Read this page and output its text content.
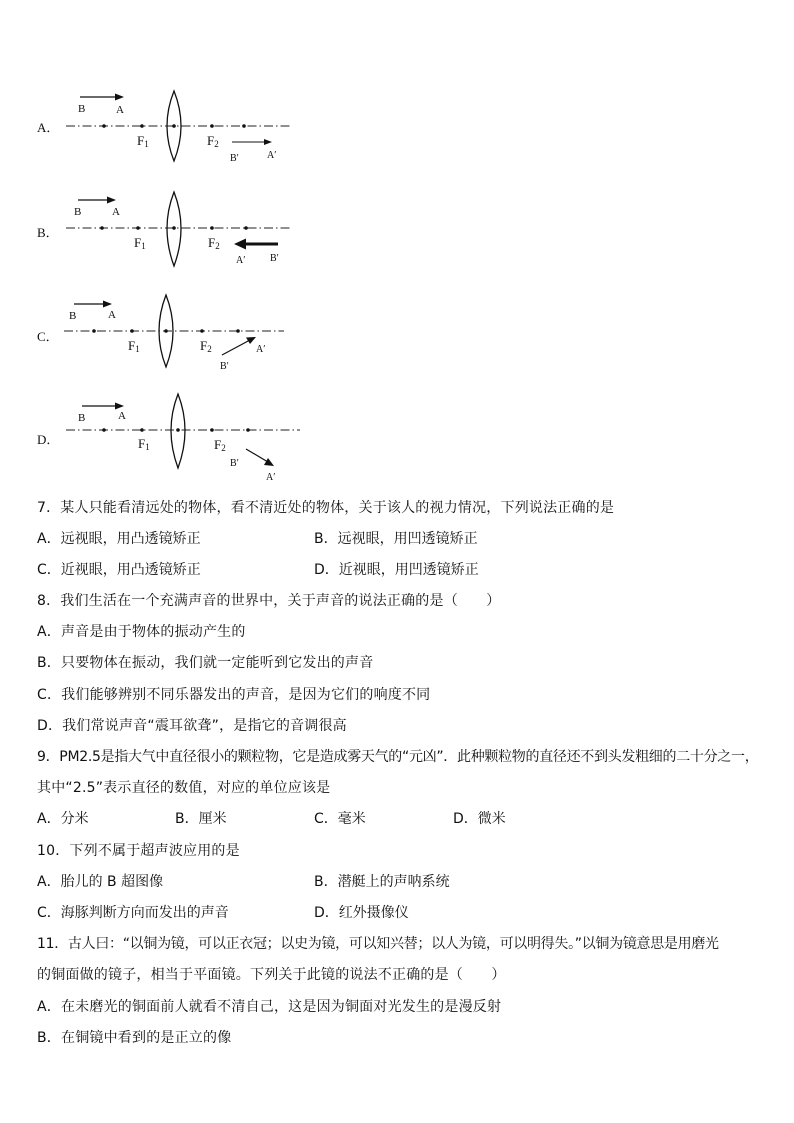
A．
B	A
F1	F2
B′	A′
B．
B	A
F1	F2
A′ B′
C．
B	A
F1	F2
B′
A′
D．
B	A
F1	F2
B′
A′
7．某人只能看清远处的物体，看不清近处的物体，关于该人的视力情况，下列说法正确的是
A．远视眼，用凸透镜矫正	B．远视眼，用凹透镜矫正
C．近视眼，用凸透镜矫正	D．近视眼，用凹透镜矫正
8．我们生活在一个充满声音的世界中，关于声音的说法正确的是（　　）
A．声音是由于物体的振动产生的
B．只要物体在振动，我们就一定能听到它发出的声音
C．我们能够辨别不同乐器发出的声音，是因为它们的响度不同
D．我们常说声音“震耳欲聋”，是指它的音调很高
9．PM2.5是指大气中直径很小的颗粒物，它是造成雾天气的“元凶”．此种颗粒物的直径还不到头发粗细的二十分之一，
其中“2.5”表示直径的数值，对应的单位应该是
A．分米	B．厘米	C．毫米	D．微米
10．下列不属于超声波应用的是
A．胎儿的 B 超图像	B．潜艇上的声呐系统
C．海豚判断方向而发出的声音	D．红外摄像仪
11．古人曰：“以铜为镜，可以正衣冠；以史为镜，可以知兴替；以人为镜，可以明得失。”以铜为镜意思是用磨光
的铜面做的镜子，相当于平面镜。下列关于此镜的说法不正确的是（　　）
A．在未磨光的铜面前人就看不清自己，这是因为铜面对光发生的是漫反射
B．在铜镜中看到的是正立的像
